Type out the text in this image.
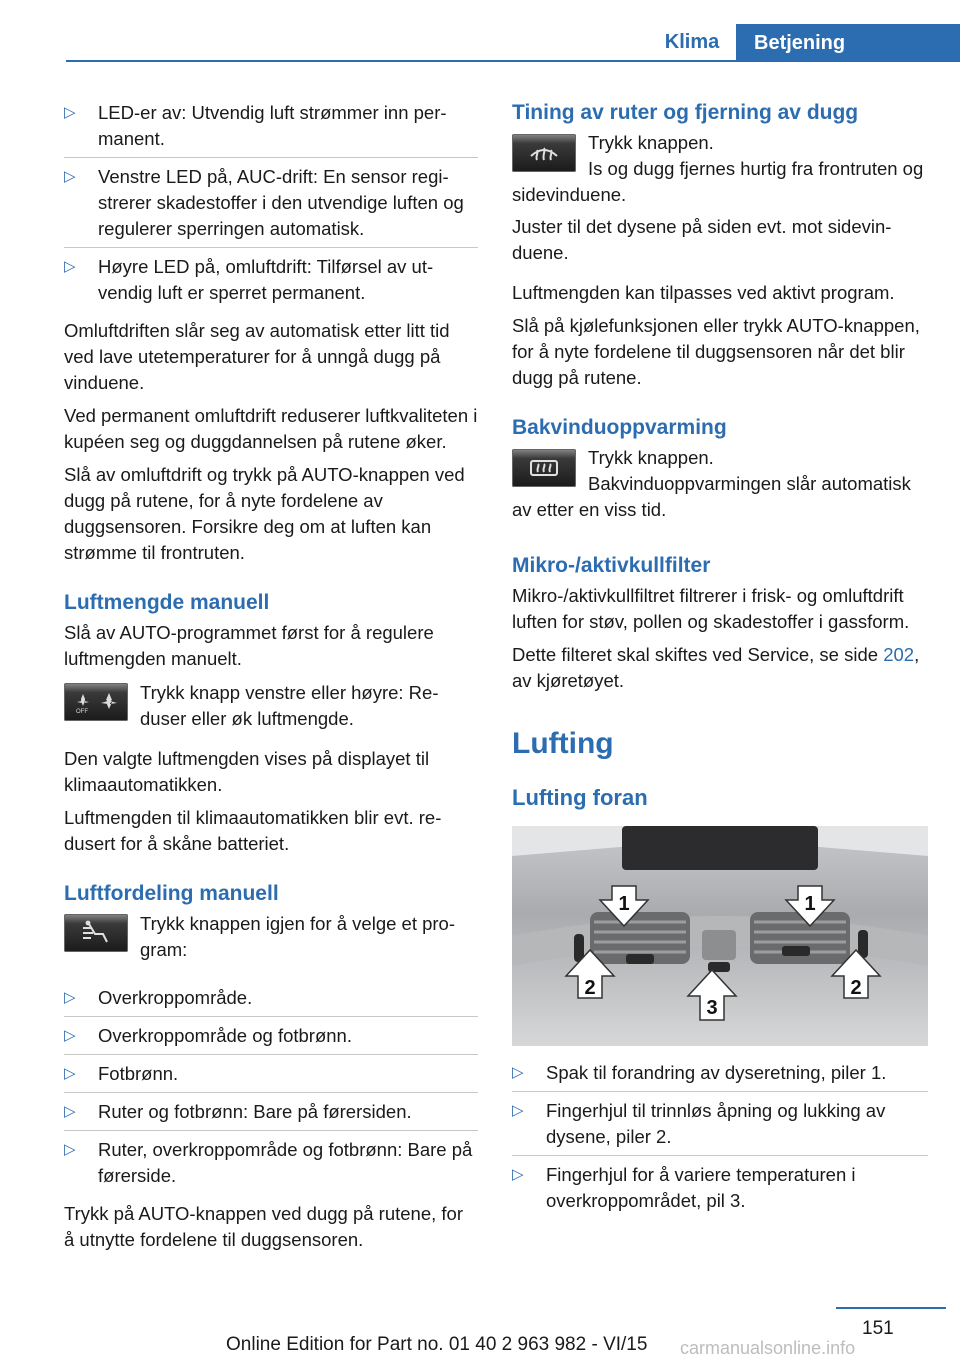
Klima	Betjening
▷ LED-er av: Utvendig luft strømmer inn permanent.
▷ Venstre LED på, AUC-drift: En sensor registrerer skadestoffer i den utvendige luften og regulerer sperringen automatisk.
▷ Høyre LED på, omluftdrift: Tilførsel av utvendig luft er sperret permanent.

Omluftdriften slår seg av automatisk etter litt tid ved lave utetemperaturer for å unngå dugg på vinduene.

Ved permanent omluftdrift reduserer luftkvaliteten i kupéen seg og duggdannelsen på rutene øker.

Slå av omluftdrift og trykk på AUTO-knappen ved dugg på rutene, for å nyte fordelene av duggsensoren. Forsikre deg om at luften kan strømme til frontruten.

Luftmengde manuell

Slå av AUTO-programmet først for å regulere luftmengden manuelt.

OFF
Trykk knapp venstre eller høyre: Reduser eller øk luftmengde.

Den valgte luftmengden vises på displayet til klimaautomatikken.

Luftmengden til klimaautomatikken blir evt. redusert for å skåne batteriet.

Luftfordeling manuell
Trykk knappen igjen for å velge et program:
▷ Overkroppområde.
▷ Overkroppområde og fotbrønn.
▷ Fotbrønn.
▷ Ruter og fotbrønn: Bare på førersiden.
▷ Ruter, overkroppområde og fotbrønn: Bare på førerside.

Trykk på AUTO-knappen ved dugg på rutene, for å utnytte fordelene til duggsensoren.

Tining av ruter og fjerning av dugg
Trykk knappen.
Is og dugg fjernes hurtig fra frontruten og sidevinduene.

Juster til det dysene på siden evt. mot sidevinduene.

Luftmengden kan tilpasses ved aktivt program.

Slå på kjølefunksjonen eller trykk AUTO-knappen, for å nyte fordelene til duggsensoren når det blir dugg på rutene.

Bakvinduoppvarming
Trykk knappen.
Bakvinduoppvarmingen slår automatisk av etter en viss tid.
Mikro-/aktivkullfilter

Mikro-/aktivkullfiltret filtrerer i frisk- og omluftdrift luften for støv, pollen og skadestoffer i gassform.

Dette filteret skal skiftes ved Service, se side 202, av kjøretøyet.

Lufting
Lufting foran
1	1
2
3
2
▷ Spak til forandring av dyseretning, piler 1.
▷ Fingerhjul til trinnløs åpning og lukking av dysene, piler 2.
▷ Fingerhjul for å variere temperaturen i overkroppområdet, pil 3.
151
Online Edition for Part no. 01 40 2 963 982 - VI/15 carmanualsonline.info
